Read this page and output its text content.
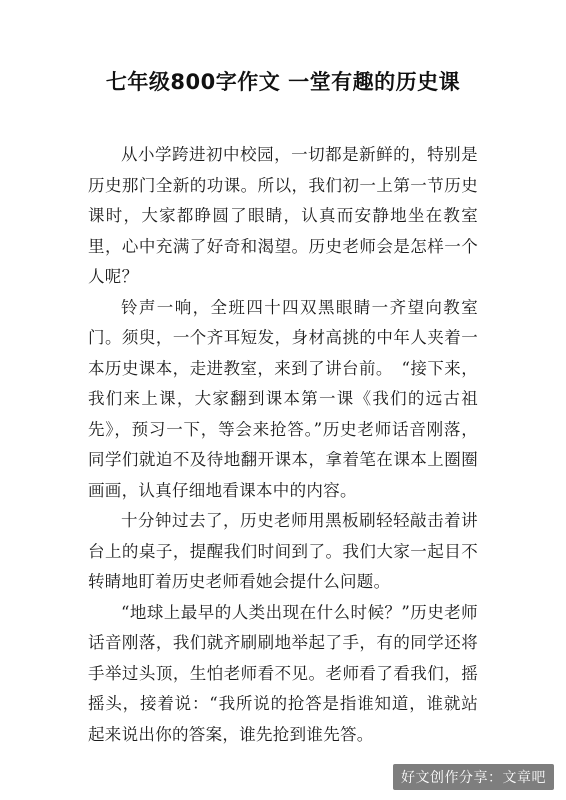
七年级800字作文 一堂有趣的历史课

从小学跨进初中校园，一切都是新鲜的，特别是历史那门全新的功课。所以，我们初一上第一节历史课时，大家都睁圆了眼睛，认真而安静地坐在教室里，心中充满了好奇和渴望。历史老师会是怎样一个人呢？

铃声一响，全班四十四双黑眼睛一齐望向教室门。须臾，一个齐耳短发，身材高挑的中年人夹着一本历史课本，走进教室，来到了讲台前。　“接下来，我们来上课，大家翻到课本第一课《我们的远古祖先》，预习一下，等会来抢答。”历史老师话音刚落，同学们就迫不及待地翻开课本，拿着笔在课本上圈圈画画，认真仔细地看课本中的内容。

十分钟过去了，历史老师用黑板刷轻轻敲击着讲台上的桌子，提醒我们时间到了。我们大家一起目不转睛地盯着历史老师看她会提什么问题。

“地球上最早的人类出现在什么时候？”历史老师话音刚落，我们就齐刷刷地举起了手，有的同学还将手举过头顶，生怕老师看不见。老师看了看我们，摇摇头，接着说：“我所说的抢答是指谁知道，谁就站起来说出你的答案，谁先抢到谁先答。

好文创作分享：文章吧
